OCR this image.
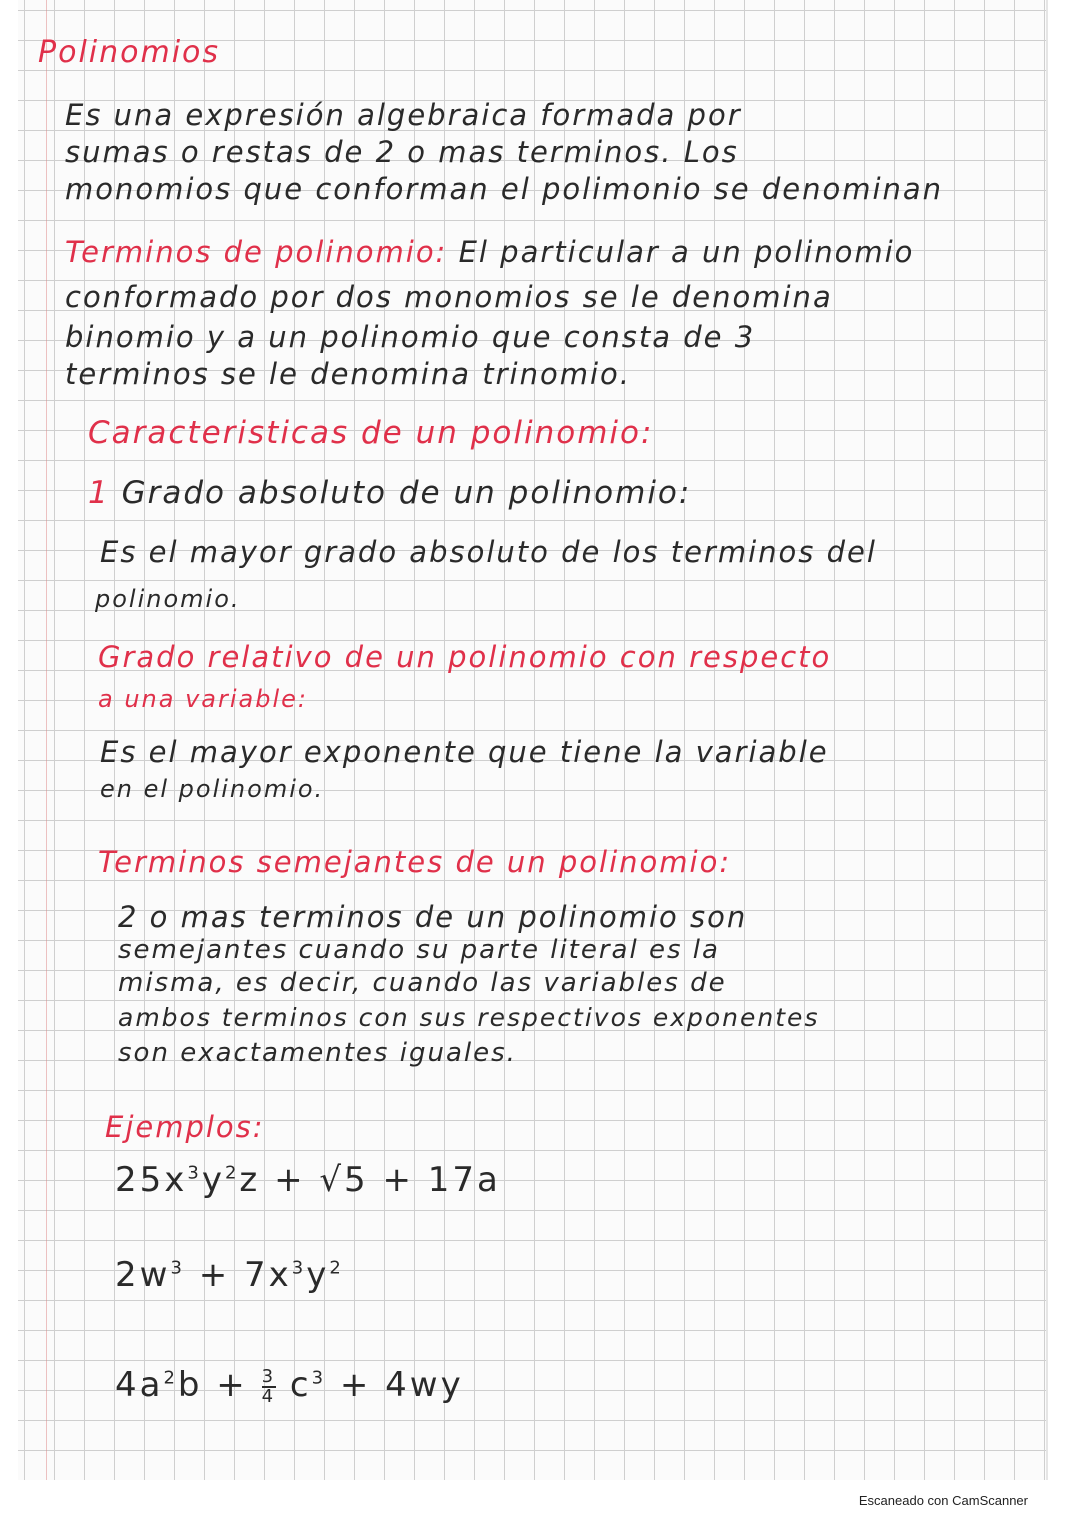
Polinomios
Es una expresión algebraica formada por
sumas o restas de 2 o mas terminos. Los
monomios que conforman el polimonio se denominan
Terminos de polinomio: El particular a un polinomio
conformado por dos monomios se le denomina
binomio y a un polinomio que consta de 3
terminos se le denomina trinomio.
Caracteristicas de un polinomio:
1 Grado absoluto de un polinomio:
Es el mayor grado absoluto de los terminos del
polinomio.
Grado relativo de un polinomio con respecto
a una variable:
Es el mayor exponente que tiene la variable
en el polinomio.
Terminos semejantes de un polinomio:
2 o mas terminos de un polinomio son
semejantes cuando su parte literal es la
misma, es decir, cuando las variables de
ambos terminos con sus respectivos exponentes
son exactamentes iguales.
Ejemplos:
$25x^3y^2z + √5 + 17a$
$2w^3 + 7x^3y^2$
$4a^2b + \frac{3}{4} c^3 + 4wy$
Escaneado con CamScanner
